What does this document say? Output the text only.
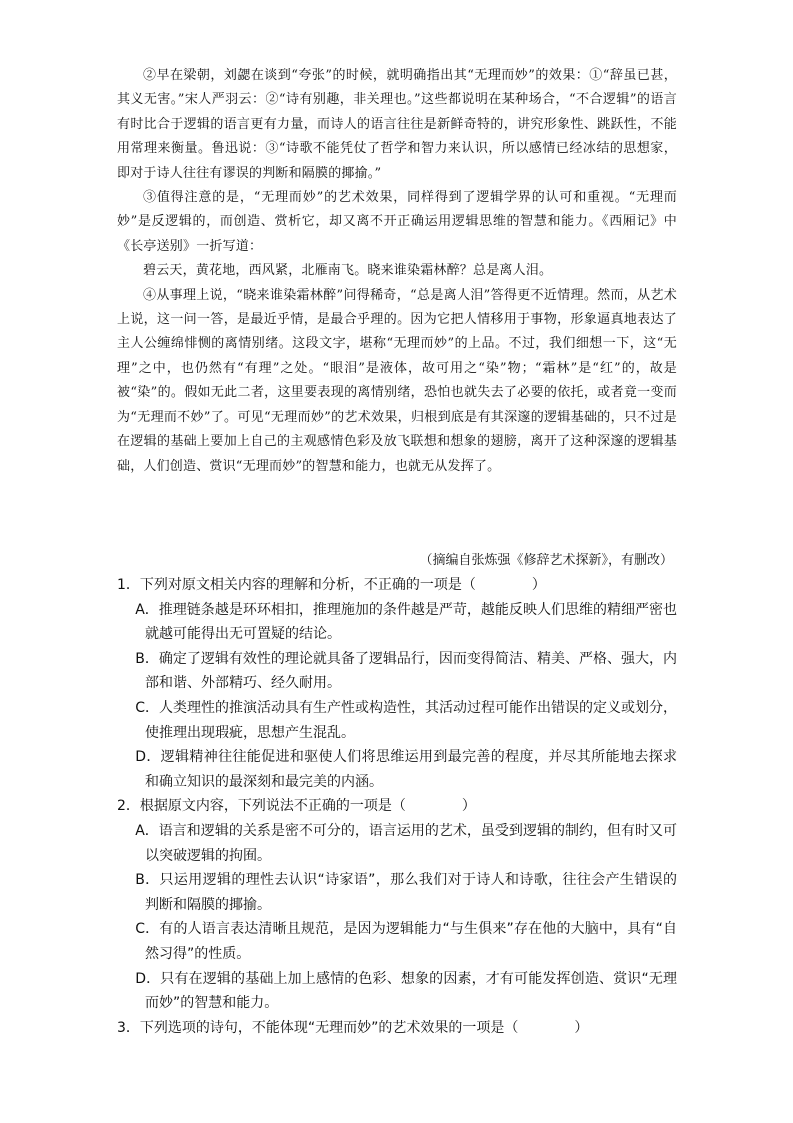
②早在梁朝，刘勰在谈到“夸张”的时候，就明确指出其“无理而妙”的效果：①“辞虽已甚，其义无害。”宋人严羽云：②“诗有别趣，非关理也。”这些都说明在某种场合，“不合逻辑”的语言有时比合于逻辑的语言更有力量，而诗人的语言往往是新鲜奇特的，讲究形象性、跳跃性，不能用常理来衡量。鲁迅说：③“诗歌不能凭仗了哲学和智力来认识，所以感情已经冰结的思想家，即对于诗人往往有谬误的判断和隔膜的揶揄。”

③值得注意的是，“无理而妙”的艺术效果，同样得到了逻辑学界的认可和重视。“无理而妙”是反逻辑的，而创造、赏析它，却又离不开正确运用逻辑思维的智慧和能力。《西厢记》中《长亭送别》一折写道：

碧云天，黄花地，西风紧，北雁南飞。晓来谁染霜林醉？总是离人泪。

④从事理上说，“晓来谁染霜林醉”问得稀奇，“总是离人泪”答得更不近情理。然而，从艺术上说，这一问一答，是最近乎情，是最合乎理的。因为它把人情移用于事物，形象逼真地表达了主人公缠绵悱恻的离情别绪。这段文字，堪称“无理而妙”的上品。不过，我们细想一下，这“无理”之中，也仍然有“有理”之处。“眼泪”是液体，故可用之“染”物；“霜林”是“红”的，故是被“染”的。假如无此二者，这里要表现的离情别绪，恐怕也就失去了必要的依托，或者竟一变而为“无理而不妙”了。可见“无理而妙”的艺术效果，归根到底是有其深邃的逻辑基础的，只不过是在逻辑的基础上要加上自己的主观感情色彩及放飞联想和想象的翅膀，离开了这种深邃的逻辑基础，人们创造、赏识“无理而妙”的智慧和能力，也就无从发挥了。

（摘编自张炼强《修辞艺术探新》，有删改）

1．下列对原文相关内容的理解和分析，不正确的一项是（　　　　）

A．推理链条越是环环相扣，推理施加的条件越是严苛，越能反映人们思维的精细严密也就越可能得出无可置疑的结论。

B．确定了逻辑有效性的理论就具备了逻辑品行，因而变得简洁、精美、严格、强大，内部和谐、外部精巧、经久耐用。

C．人类理性的推演活动具有生产性或构造性，其活动过程可能作出错误的定义或划分，使推理出现瑕疵，思想产生混乱。

D．逻辑精神往往能促进和驱使人们将思维运用到最完善的程度，并尽其所能地去探求和确立知识的最深刻和最完美的内涵。

2．根据原文内容，下列说法不正确的一项是（　　　　）

A．语言和逻辑的关系是密不可分的，语言运用的艺术，虽受到逻辑的制约，但有时又可以突破逻辑的拘囿。

B．只运用逻辑的理性去认识“诗家语”，那么我们对于诗人和诗歌，往往会产生错误的判断和隔膜的揶揄。

C．有的人语言表达清晰且规范，是因为逻辑能力“与生俱来”存在他的大脑中，具有“自然习得”的性质。

D．只有在逻辑的基础上加上感情的色彩、想象的因素，才有可能发挥创造、赏识“无理而妙”的智慧和能力。

3．下列选项的诗句，不能体现“无理而妙”的艺术效果的一项是（　　　　）
